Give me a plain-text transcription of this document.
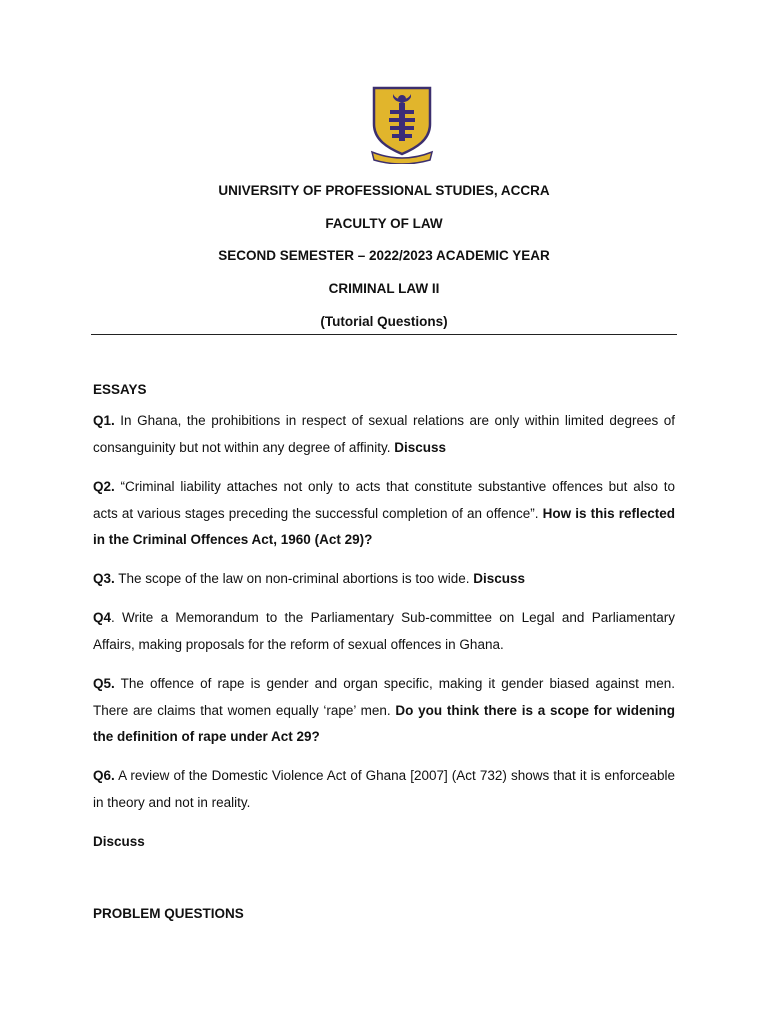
UNIVERSITY OF PROFESSIONAL STUDIES, ACCRA
FACULTY OF LAW
SECOND SEMESTER – 2022/2023 ACADEMIC YEAR
CRIMINAL LAW II
(Tutorial Questions)
ESSAYS

Q1. In Ghana, the prohibitions in respect of sexual relations are only within limited degrees of consanguinity but not within any degree of affinity. Discuss

Q2. “Criminal liability attaches not only to acts that constitute substantive offences but also to acts at various stages preceding the successful completion of an offence”. How is this reflected in the Criminal Offences Act, 1960 (Act 29)?

Q3. The scope of the law on non-criminal abortions is too wide. Discuss

Q4. Write a Memorandum to the Parliamentary Sub-committee on Legal and Parliamentary Affairs, making proposals for the reform of sexual offences in Ghana.

Q5. The offence of rape is gender and organ specific, making it gender biased against men. There are claims that women equally ‘rape’ men. Do you think there is a scope for widening the definition of rape under Act 29?

Q6. A review of the Domestic Violence Act of Ghana [2007] (Act 732) shows that it is enforceable in theory and not in reality.

Discuss
PROBLEM QUESTIONS
